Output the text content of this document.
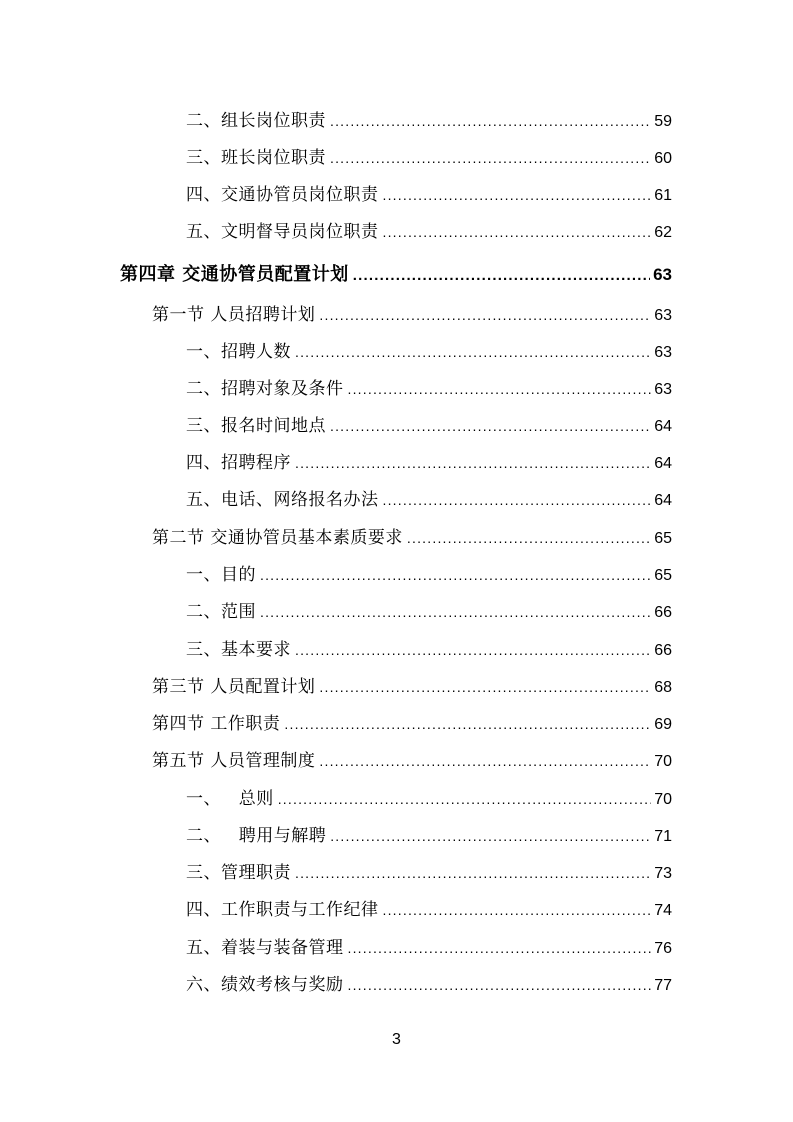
二、组长岗位职责 .....	59
三、班长岗位职责 .....	60
四、交通协管员岗位职责 .....	61
五、文明督导员岗位职责 .....	62
第四章 交通协管员配置计划 .....	63
第一节 人员招聘计划 .....	63
一、招聘人数 .....	63
二、招聘对象及条件 .....	63
三、报名时间地点 .....	64
四、招聘程序 .....	64
五、电话、网络报名办法 .....	64
第二节 交通协管员基本素质要求 .....	65
一、目的 .....	65
二、范围 .....	66
三、基本要求 .....	66
第三节 人员配置计划 .....	68
第四节 工作职责 .....	69
第五节 人员管理制度 .....	70
一、   总则 .....	70
二、   聘用与解聘 .....	71
三、管理职责 .....	73
四、工作职责与工作纪律 .....	74
五、着装与装备管理 .....	76
六、绩效考核与奖励 .....	77
3
